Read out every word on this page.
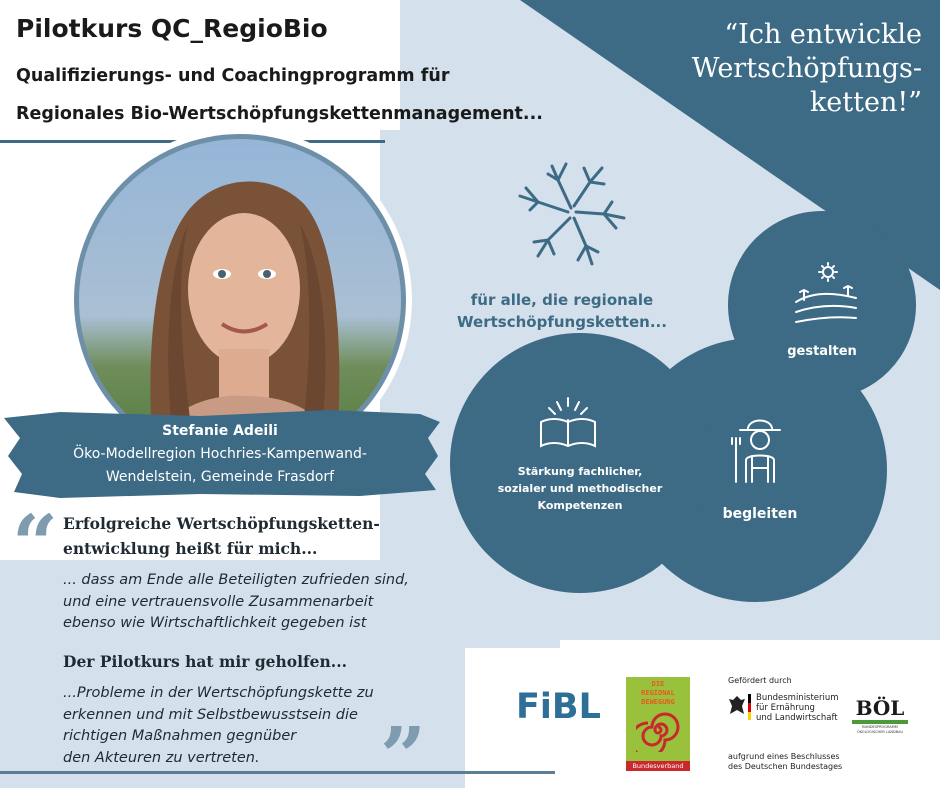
Pilotkurs QC_RegioBio
Qualifizierungs- und Coachingprogramm für
Regionales Bio-Wertschöpfungskettenmanagement...
“Ich entwickle
Wertschöpfungs-
ketten!”
für alle, die regionale
Wertschöpfungsketten...
gestalten
Stärkung fachlicher,
sozialer und methodischer
Kompetenzen
begleiten
Stefanie Adeili
Öko-Modellregion Hochries-Kampenwand-
Wendelstein, Gemeinde Frasdorf
“
”
Erfolgreiche Wertschöpfungsketten-
entwicklung heißt für mich...
... dass am Ende alle Beteiligten zufrieden sind,
und eine vertrauensvolle Zusammenarbeit
ebenso wie Wirtschaftlichkeit gegeben ist
Der Pilotkurs hat mir geholfen...
...Probleme in der Wertschöpfungskette zu
erkennen und mit Selbstbewusstsein die
richtigen Maßnahmen gegnüber
den Akteuren zu vertreten.
FiBL
DIE
REGIONAL
BEWEGUNG
Bundesverband
Gefördert durch
Bundesministerium
für Ernährung
und Landwirtschaft
aufgrund eines Beschlusses
des Deutschen Bundestages
BÖL
BUNDESPROGRAMM
ÖKOLOGISCHER LANDBAU
